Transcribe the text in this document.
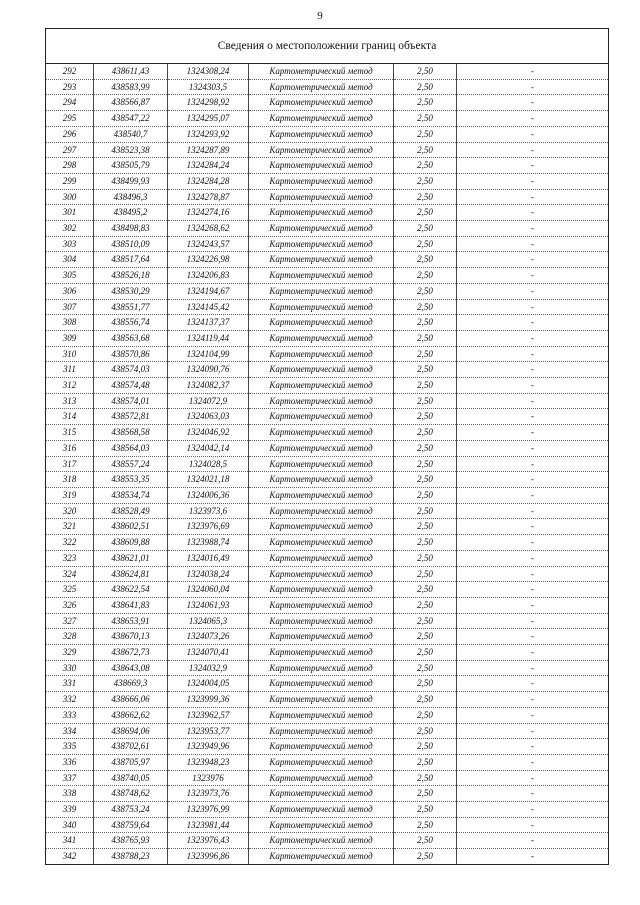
9
Сведения о местоположении границ объекта
292	438611,43	1324308,24	Картометрический метод	2,50	-
293	438583,99	1324303,5	Картометрический метод	2,50	-
294	438566,87	1324298,92	Картометрический метод	2,50	-
295	438547,22	1324295,07	Картометрический метод	2,50	-
296	438540,7	1324293,92	Картометрический метод	2,50	-
297	438523,38	1324287,89	Картометрический метод	2,50	-
298	438505,79	1324284,24	Картометрический метод	2,50	-
299	438499,93	1324284,28	Картометрический метод	2,50	-
300	438496,3	1324278,87	Картометрический метод	2,50	-
301	438495,2	1324274,16	Картометрический метод	2,50	-
302	438498,83	1324268,62	Картометрический метод	2,50	-
303	438510,09	1324243,57	Картометрический метод	2,50	-
304	438517,64	1324226,98	Картометрический метод	2,50	-
305	438526,18	1324206,83	Картометрический метод	2,50	-
306	438530,29	1324194,67	Картометрический метод	2,50	-
307	438551,77	1324145,42	Картометрический метод	2,50	-
308	438556,74	1324137,37	Картометрический метод	2,50	-
309	438563,68	1324119,44	Картометрический метод	2,50	-
310	438570,86	1324104,99	Картометрический метод	2,50	-
311	438574,03	1324090,76	Картометрический метод	2,50	-
312	438574,48	1324082,37	Картометрический метод	2,50	-
313	438574,01	1324072,9	Картометрический метод	2,50	-
314	438572,81	1324063,03	Картометрический метод	2,50	-
315	438568,58	1324046,92	Картометрический метод	2,50	-
316	438564,03	1324042,14	Картометрический метод	2,50	-
317	438557,24	1324028,5	Картометрический метод	2,50	-
318	438553,35	1324021,18	Картометрический метод	2,50	-
319	438534,74	1324006,36	Картометрический метод	2,50	-
320	438528,49	1323973,6	Картометрический метод	2,50	-
321	438602,51	1323976,69	Картометрический метод	2,50	-
322	438609,88	1323988,74	Картометрический метод	2,50	-
323	438621,01	1324016,49	Картометрический метод	2,50	-
324	438624,81	1324038,24	Картометрический метод	2,50	-
325	438622,54	1324060,04	Картометрический метод	2,50	-
326	438641,83	1324061,93	Картометрический метод	2,50	-
327	438653,91	1324065,3	Картометрический метод	2,50	-
328	438670,13	1324073,26	Картометрический метод	2,50	-
329	438672,73	1324070,41	Картометрический метод	2,50	-
330	438643,08	1324032,9	Картометрический метод	2,50	-
331	438669,3	1324004,05	Картометрический метод	2,50	-
332	438666,06	1323999,36	Картометрический метод	2,50	-
333	438662,62	1323962,57	Картометрический метод	2,50	-
334	438694,06	1323953,77	Картометрический метод	2,50	-
335	438702,61	1323949,96	Картометрический метод	2,50	-
336	438705,97	1323948,23	Картометрический метод	2,50	-
337	438740,05	1323976	Картометрический метод	2,50	-
338	438748,62	1323973,76	Картометрический метод	2,50	-
339	438753,24	1323976,99	Картометрический метод	2,50	-
340	438759,64	1323981,44	Картометрический метод	2,50	-
341	438765,93	1323976,43	Картометрический метод	2,50	-
342	438788,23	1323996,86	Картометрический метод	2,50	-
